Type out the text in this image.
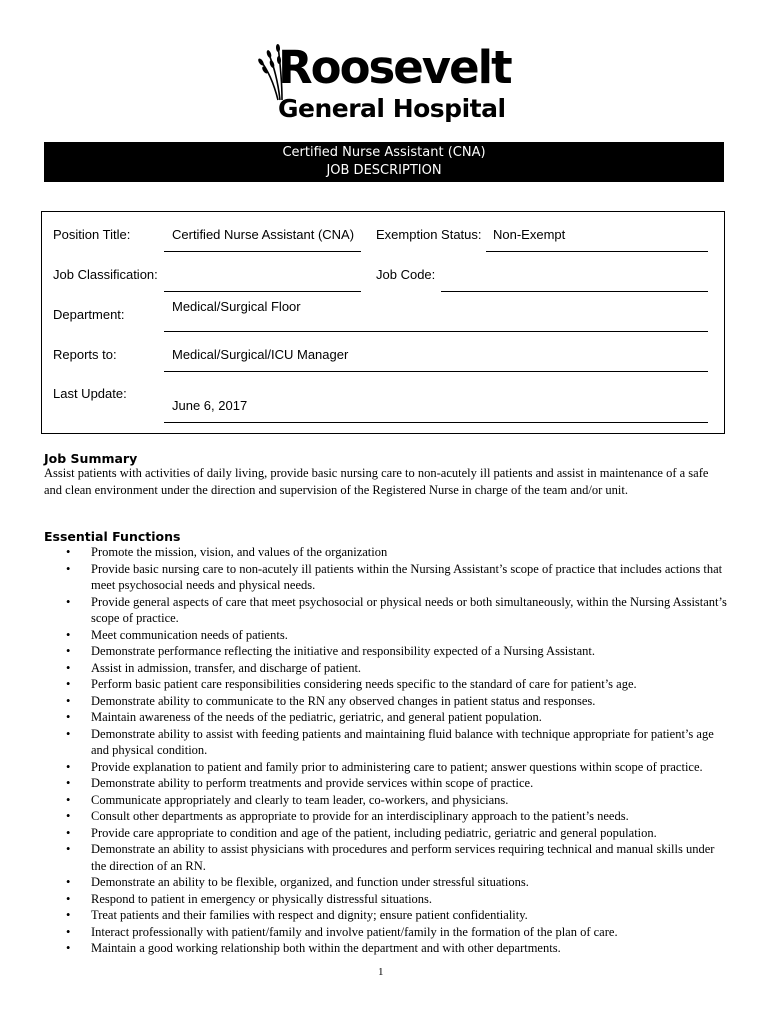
Roosevelt
General Hospital
Certified Nurse Assistant (CNA)
JOB DESCRIPTION
Position Title:	Certified Nurse Assistant (CNA) Exemption Status: Non-Exempt
Job Classification:	Job Code:
Department:
Medical/Surgical Floor
Reports to:	Medical/Surgical/ICU Manager
Last Update:
June 6, 2017
Job Summary
Assist patients with activities of daily living, provide basic nursing care to non-acutely ill patients and assist in maintenance of a safe and clean environment under the direction and supervision of the Registered Nurse in charge of the team and/or unit.
Essential Functions
• Promote the mission, vision, and values of the organization
• Provide basic nursing care to non-acutely ill patients within the Nursing Assistant’s scope of practice that includes actions that meet psychosocial needs and physical needs.
• Provide general aspects of care that meet psychosocial or physical needs or both simultaneously, within the Nursing Assistant’s scope of practice.
• Meet communication needs of patients.
• Demonstrate performance reflecting the initiative and responsibility expected of a Nursing Assistant.
• Assist in admission, transfer, and discharge of patient.
• Perform basic patient care responsibilities considering needs specific to the standard of care for patient’s age.
• Demonstrate ability to communicate to the RN any observed changes in patient status and responses.
• Maintain awareness of the needs of the pediatric, geriatric, and general patient population.
• Demonstrate ability to assist with feeding patients and maintaining fluid balance with technique appropriate for patient’s age and physical condition.
• Provide explanation to patient and family prior to administering care to patient; answer questions within scope of practice.
• Demonstrate ability to perform treatments and provide services within scope of practice.
• Communicate appropriately and clearly to team leader, co-workers, and physicians.
• Consult other departments as appropriate to provide for an interdisciplinary approach to the patient’s needs.
• Provide care appropriate to condition and age of the patient, including pediatric, geriatric and general population.
• Demonstrate an ability to assist physicians with procedures and perform services requiring technical and manual skills under the direction of an RN.
• Demonstrate an ability to be flexible, organized, and function under stressful situations.
• Respond to patient in emergency or physically distressful situations.
• Treat patients and their families with respect and dignity; ensure patient confidentiality.
• Interact professionally with patient/family and involve patient/family in the formation of the plan of care.
• Maintain a good working relationship both within the department and with other departments.
1
